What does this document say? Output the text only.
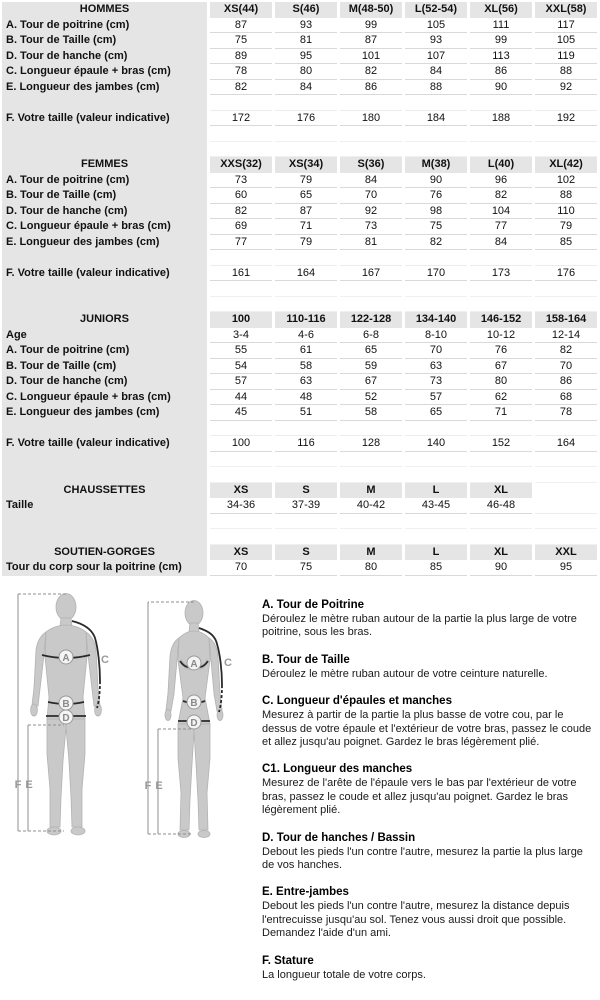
HOMMES	XS(44)	S(46)	M(48-50)	L(52-54)	XL(56)	XXL(58)
A. Tour de poitrine (cm)	87	93	99	105	111	117
B. Tour de Taille (cm)	75	81	87	93	99	105
D. Tour de hanche (cm)	89	95	101	107	113	119
C. Longueur épaule + bras (cm)	78	80	82	84	86	88
E. Longueur des jambes (cm)	82	84	86	88	90	92
F. Votre taille (valeur indicative)	172	176	180	184	188	192
FEMMES	XXS(32)	XS(34)	S(36)	M(38)	L(40)	XL(42)
A. Tour de poitrine (cm)	73	79	84	90	96	102
B. Tour de Taille (cm)	60	65	70	76	82	88
D. Tour de hanche (cm)	82	87	92	98	104	110
C. Longueur épaule + bras (cm)	69	71	73	75	77	79
E. Longueur des jambes (cm)	77	79	81	82	84	85
F. Votre taille (valeur indicative)	161	164	167	170	173	176
JUNIORS	100	110-116	122-128	134-140	146-152	158-164
Age	3-4	4-6	6-8	8-10	10-12	12-14
A. Tour de poitrine (cm)	55	61	65	70	76	82
B. Tour de Taille (cm)	54	58	59	63	67	70
D. Tour de hanche (cm)	57	63	67	73	80	86
C. Longueur épaule + bras (cm)	44	48	52	57	62	68
E. Longueur des jambes (cm)	45	51	58	65	71	78
F. Votre taille (valeur indicative)	100	116	128	140	152	164
CHAUSSETTES	XS	S	M	L	XL
Taille	34-36	37-39	40-42	43-45	46-48
SOUTIEN-GORGES	XS	S	M	L	XL	XXL
Tour du corp sour la poitrine (cm)	70	75	80	85	90	95
F E
A
B
D
C
F E
A
B
D
C
A. Tour de Poitrine
Déroulez le mètre ruban autour de la partie la plus large de votre poitrine, sous les bras.
B. Tour de Taille
Déroulez le mètre ruban autour de votre ceinture naturelle.
C. Longueur d'épaules et manches
Mesurez à partir de la partie la plus basse de votre cou, par le dessus de votre épaule et l'extérieur de votre bras, passez le coude et allez jusqu'au poignet. Gardez le bras légèrement plié.
C1. Longueur des manches
Mesurez de l'arête de l'épaule vers le bas par l'extérieur de votre bras, passez le coude et allez jusqu'au poignet. Gardez le bras légèrement plié.
D. Tour de hanches / Bassin
Debout les pieds l'un contre l'autre, mesurez la partie la plus large de vos hanches.
E. Entre-jambes
Debout les pieds l'un contre l'autre, mesurez la distance depuis l'entrecuisse jusqu'au sol. Tenez vous aussi droit que possible. Demandez l'aide d'un ami.
F. Stature
La longueur totale de votre corps.
